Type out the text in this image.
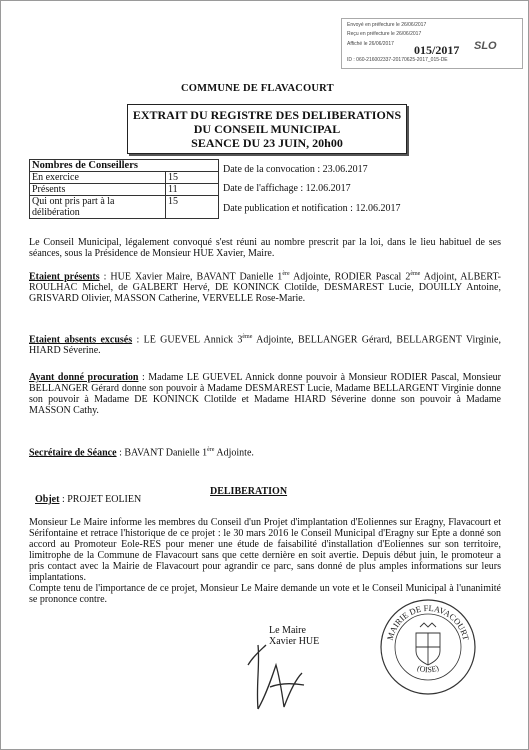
Envoyé en préfecture le 26/06/2017
Reçu en préfecture le 26/06/2017
Affiché le 26/06/2017
ID : 060-216002337-20170625-2017_015-DE
015/2017 SLO
COMMUNE DE FLAVACOURT
EXTRAIT DU REGISTRE DES DELIBERATIONS
DU CONSEIL MUNICIPAL
SEANCE DU 23 JUIN, 20h00
Nombres de Conseillers	
En exercice	15
Présents	11
Qui ont pris part à la délibération	15
Date de la convocation : 23.06.2017
Date de l'affichage : 12.06.2017
Date publication et notification : 12.06.2017
Le Conseil Municipal, légalement convoqué s'est réuni au nombre prescrit par la loi, dans le lieu habituel de ses séances, sous la Présidence de Monsieur HUE Xavier, Maire.
Etaient présents : HUE Xavier Maire, BAVANT Danielle 1ère Adjointe, RODIER Pascal 2ème Adjoint, ALBERT-ROULHAC Michel, de GALBERT Hervé, DE KONINCK Clotilde, DESMAREST Lucie, DOUILLY Antoine, GRISVARD Olivier, MASSON Catherine, VERVELLE Rose-Marie.
Etaient absents excusés : LE GUEVEL Annick 3ème Adjointe, BELLANGER Gérard, BELLARGENT Virginie, HIARD Séverine.
Ayant donné procuration : Madame LE GUEVEL Annick donne pouvoir à Monsieur RODIER Pascal, Monsieur BELLANGER Gérard donne son pouvoir à Madame DESMAREST Lucie, Madame BELLARGENT Virginie donne son pouvoir à Madame DE KONINCK Clotilde et Madame HIARD Séverine donne son pouvoir à Madame MASSON Cathy.
Secrétaire de Séance : BAVANT Danielle 1ère Adjointe.
DELIBERATION
Objet : PROJET EOLIEN
Monsieur Le Maire informe les membres du Conseil d'un Projet d'implantation d'Eoliennes sur Eragny, Flavacourt et Sérifontaine et retrace l'historique de ce projet : le 30 mars 2016 le Conseil Municipal d'Eragny sur Epte a donné son accord au Promoteur Eole-RES pour mener une étude de faisabilité d'installation d'Eoliennes sur son territoire, limitrophe de la Commune de Flavacourt sans que cette dernière en soit avertie. Depuis début juin, le promoteur a pris contact avec la Mairie de Flavacourt pour agrandir ce parc, sans donné de plus amples informations sur leurs implantations.
Compte tenu de l'importance de ce projet, Monsieur Le Maire demande un vote et le Conseil Municipal à l'unanimité se prononce contre.
Le Maire
Xavier HUE	MAIRIE DE FLAVACOURT
(OISE)
